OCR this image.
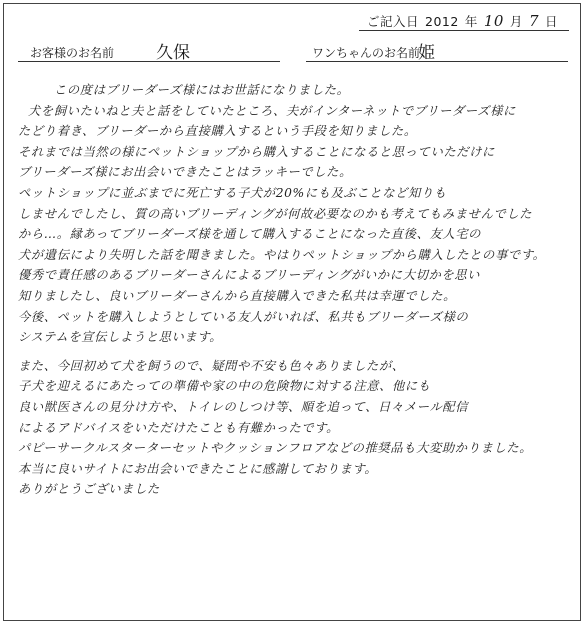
ご記入日 2012 年 10 月 7 日
お客様のお名前 久保	ワンちゃんのお名前
姫
この度はブリーダーズ様にはお世話になりました。
犬を飼いたいねと夫と話をしていたところ、夫がインターネットでブリーダーズ様に
たどり着き、ブリーダーから直接購入するという手段を知りました。
それまでは当然の様にペットショップから購入することになると思っていただけに
ブリーダーズ様にお出会いできたことはラッキーでした。
ペットショップに並ぶまでに死亡する子犬が20%にも及ぶことなど知りも
しませんでしたし、質の高いブリーディングが何故必要なのかも考えてもみませんでした
から…。縁あってブリーダーズ様を通して購入することになった直後、友人宅の
犬が遺伝により失明した話を聞きました。やはりペットショップから購入したとの事です。
優秀で責任感のあるブリーダーさんによるブリーディングがいかに大切かを思い
知りましたし、良いブリーダーさんから直接購入できた私共は幸運でした。
今後、ペットを購入しようとしている友人がいれば、私共もブリーダーズ様の
システムを宣伝しようと思います。
また、今回初めて犬を飼うので、疑問や不安も色々ありましたが、
子犬を迎えるにあたっての準備や家の中の危険物に対する注意、他にも
良い獣医さんの見分け方や、トイレのしつけ等、順を追って、日々メール配信
によるアドバイスをいただけたことも有難かったです。
パピーサークルスターターセットやクッションフロアなどの推奨品も大変助かりました。
本当に良いサイトにお出会いできたことに感謝しております。
ありがとうございました
